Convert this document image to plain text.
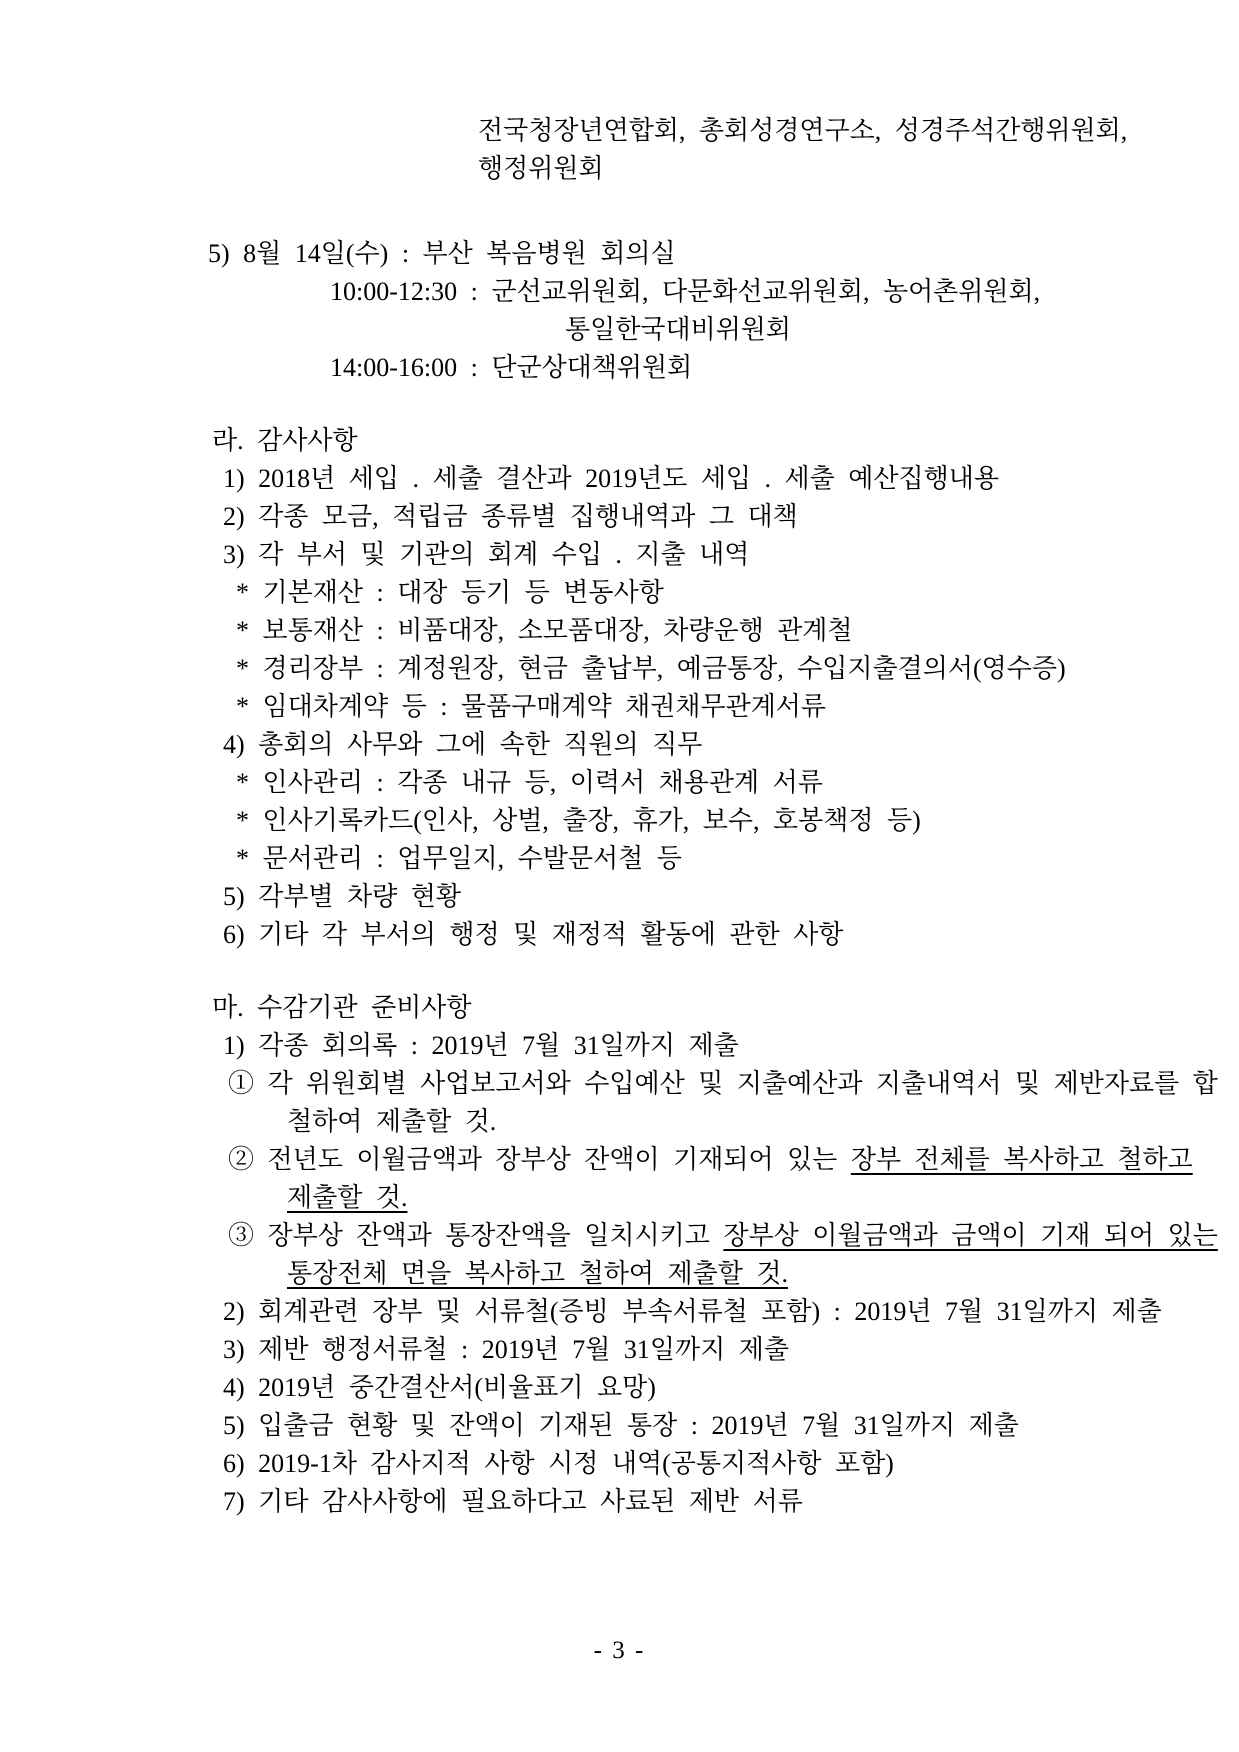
전국청장년연합회, 총회성경연구소, 성경주석간행위원회,
행정위원회
5) 8월 14일(수) : 부산 복음병원 회의실
10:00-12:30 : 군선교위원회, 다문화선교위원회, 농어촌위원회,
통일한국대비위원회
14:00-16:00 : 단군상대책위원회
라. 감사사항
1) 2018년 세입 . 세출 결산과 2019년도 세입 . 세출 예산집행내용
2) 각종 모금, 적립금 종류별 집행내역과 그 대책
3) 각 부서 및 기관의 회계 수입 . 지출 내역
* 기본재산 : 대장 등기 등 변동사항
* 보통재산 : 비품대장, 소모품대장, 차량운행 관계철
* 경리장부 : 계정원장, 현금 출납부, 예금통장, 수입지출결의서(영수증)
* 임대차계약 등 : 물품구매계약 채권채무관계서류
4) 총회의 사무와 그에 속한 직원의 직무
* 인사관리 : 각종 내규 등, 이력서 채용관계 서류
* 인사기록카드(인사, 상벌, 출장, 휴가, 보수, 호봉책정 등)
* 문서관리 : 업무일지, 수발문서철 등
5) 각부별 차량 현황
6) 기타 각 부서의 행정 및 재정적 활동에 관한 사항
마. 수감기관 준비사항
1) 각종 회의록 : 2019년 7월 31일까지 제출
① 각 위원회별 사업보고서와 수입예산 및 지출예산과 지출내역서 및 제반자료를 합
철하여 제출할 것.
② 전년도 이월금액과 장부상 잔액이 기재되어 있는 장부 전체를 복사하고 철하고
제출할 것.
③ 장부상 잔액과 통장잔액을 일치시키고 장부상 이월금액과 금액이 기재 되어 있는
통장전체 면을 복사하고 철하여 제출할 것.
2) 회계관련 장부 및 서류철(증빙 부속서류철 포함) : 2019년 7월 31일까지 제출
3) 제반 행정서류철 : 2019년 7월 31일까지 제출
4) 2019년 중간결산서(비율표기 요망)
5) 입출금 현황 및 잔액이 기재된 통장 : 2019년 7월 31일까지 제출
6) 2019-1차 감사지적 사항 시정 내역(공통지적사항 포함)
7) 기타 감사사항에 필요하다고 사료된 제반 서류
- 3 -
